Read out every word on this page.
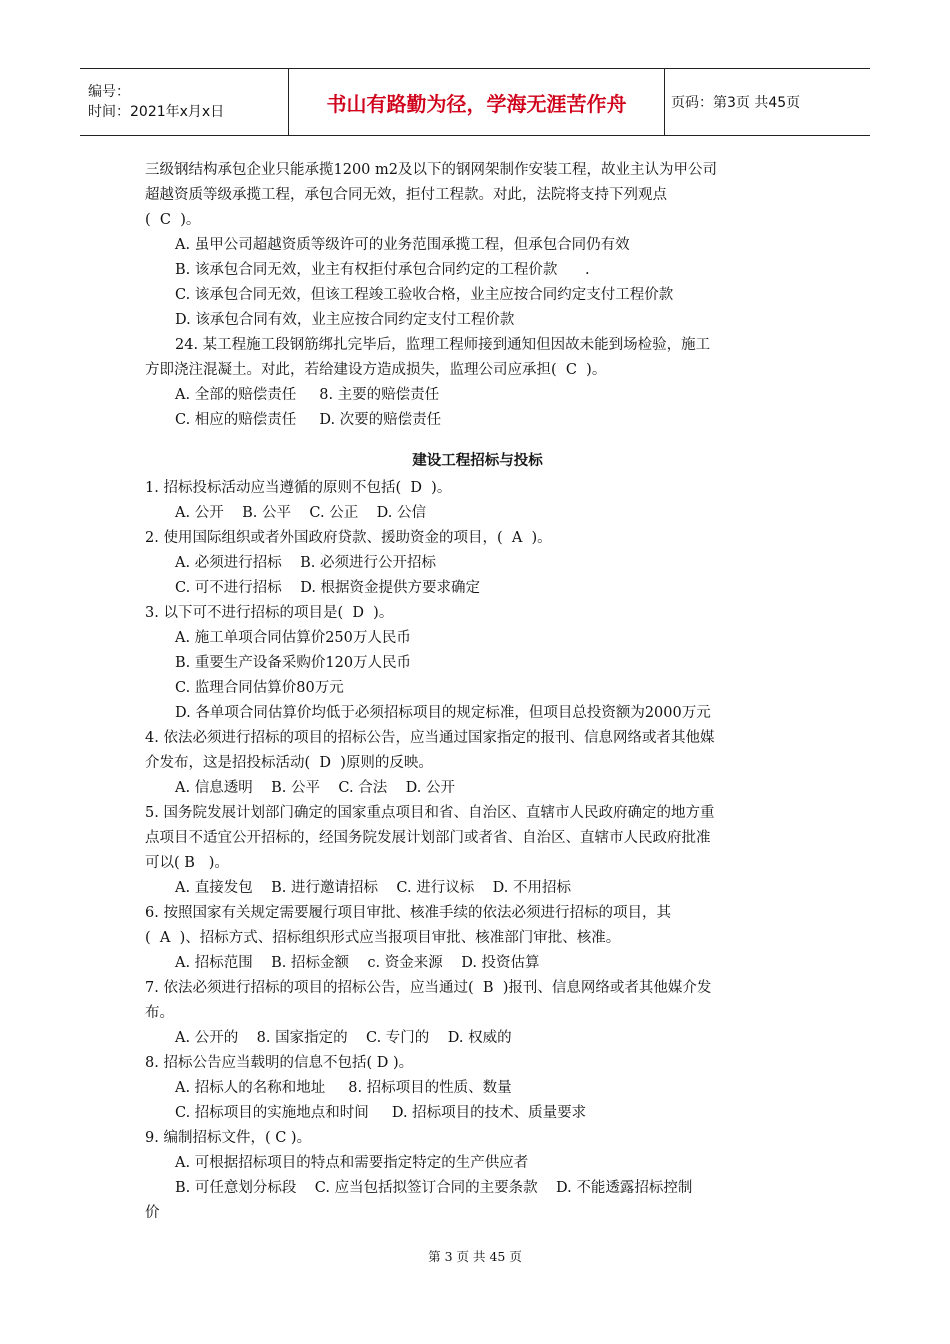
编号：
时间：2021年x月x日	书山有路勤为径，学海无涯苦作舟	页码：第3页 共45页

三级钢结构承包企业只能承揽1200 m2及以下的钢网架制作安装工程，故业主认为甲公司

超越资质等级承揽工程，承包合同无效，拒付工程款。对此，法院将支持下列观点

(  C  )。

A. 虽甲公司超越资质等级许可的业务范围承揽工程，但承包合同仍有效

B. 该承包合同无效，业主有权拒付承包合同约定的工程价款      .

C. 该承包合同无效，但该工程竣工验收合格，业主应按合同约定支付工程价款

D. 该承包合同有效，业主应按合同约定支付工程价款

24. 某工程施工段钢筋绑扎完毕后，监理工程师接到通知但因故未能到场检验，施工

方即浇注混凝土。对此，若给建设方造成损失，监理公司应承担(  C  )。

A. 全部的赔偿责任     8. 主要的赔偿责任

C. 相应的赔偿责任     D. 次要的赔偿责任

建设工程招标与投标

1. 招标投标活动应当遵循的原则不包括(  D  )。

A. 公开    B. 公平    C. 公正    D. 公信

2. 使用国际组织或者外国政府贷款、援助资金的项目，(  A  )。

A. 必须进行招标    B. 必须进行公开招标

C. 可不进行招标    D. 根据资金提供方要求确定

3. 以下可不进行招标的项目是(  D  )。

A. 施工单项合同估算价250万人民币

B. 重要生产设备采购价120万人民币

C. 监理合同估算价80万元

D. 各单项合同估算价均低于必须招标项目的规定标准，但项目总投资额为2000万元

4. 依法必须进行招标的项目的招标公告，应当通过国家指定的报刊、信息网络或者其他媒

介发布，这是招投标活动(  D  )原则的反映。

A. 信息透明    B. 公平    C. 合法    D. 公开

5. 国务院发展计划部门确定的国家重点项目和省、自治区、直辖市人民政府确定的地方重

点项目不适宜公开招标的，经国务院发展计划部门或者省、自治区、直辖市人民政府批准

可以( B   )。

A. 直接发包    B. 进行邀请招标    C. 进行议标    D. 不用招标

6. 按照国家有关规定需要履行项目审批、核准手续的依法必须进行招标的项目，其

(  A  )、招标方式、招标组织形式应当报项目审批、核准部门审批、核准。

A. 招标范围    B. 招标金额    c. 资金来源    D. 投资估算

7. 依法必须进行招标的项目的招标公告，应当通过(  B  )报刊、信息网络或者其他媒介发

布。

A. 公开的    8. 国家指定的    C. 专门的    D. 权威的

8. 招标公告应当载明的信息不包括( D )。

A. 招标人的名称和地址     8. 招标项目的性质、数量

C. 招标项目的实施地点和时间     D. 招标项目的技术、质量要求

9. 编制招标文件，( C )。

A. 可根据招标项目的特点和需要指定特定的生产供应者

B. 可任意划分标段    C. 应当包括拟签订合同的主要条款    D. 不能透露招标控制

价

第 3 页 共 45 页
